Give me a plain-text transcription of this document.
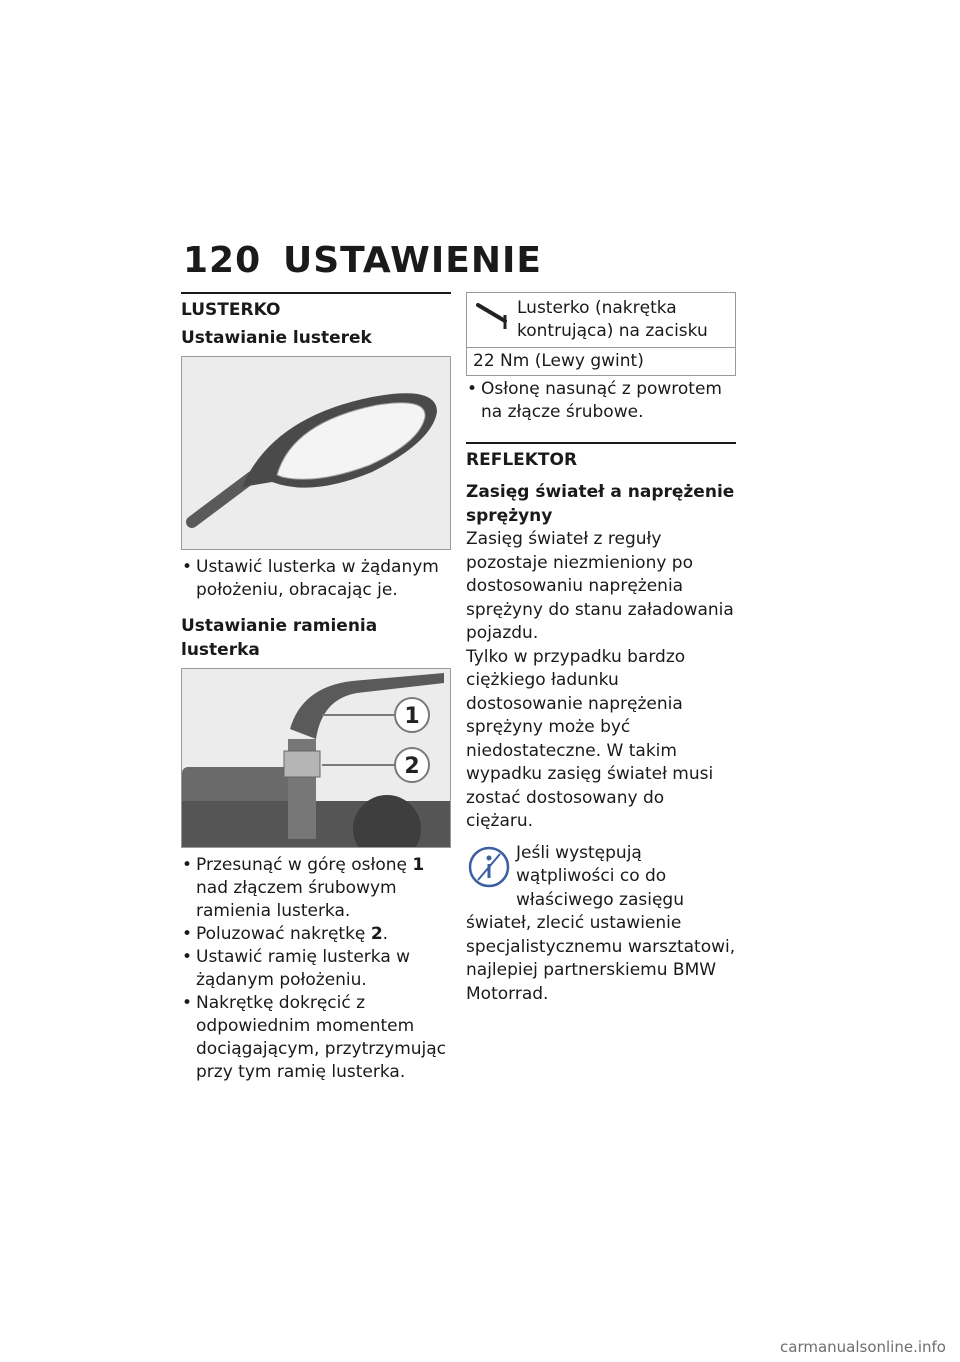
120 USTAWIENIE
LUSTERKO
Ustawianie lusterek
• Ustawić lusterka w żądanym położeniu, obracając je.
Ustawianie ramienia lusterka
1
2
• Przesunąć w górę osłonę 1 nad złączem śrubowym ramienia lusterka.
• Poluzować nakrętkę 2.
• Ustawić ramię lusterka w żądanym położeniu.
• Nakrętkę dokręcić z odpowiednim momentem dociągającym, przytrzymując przy tym ramię lusterka.
Lusterko (nakrętka kontrująca) na zacisku
22 Nm (Lewy gwint)
• Osłonę nasunąć z powrotem na złącze śrubowe.
REFLEKTOR
Zasięg świateł a naprężenie sprężyny

Zasięg świateł z reguły pozostaje niezmieniony po dostosowaniu naprężenia sprężyny do stanu załadowania pojazdu.

Tylko w przypadku bardzo ciężkiego ładunku dostosowanie naprężenia sprężyny może być niedostateczne. W takim wypadku zasięg świateł musi zostać dostosowany do ciężaru.

Jeśli występują wątpliwości co do właściwego zasięgu świateł, zlecić ustawienie specjalistycznemu warsztatowi, najlepiej partnerskiemu BMW Motorrad.
carmanualsonline.info
